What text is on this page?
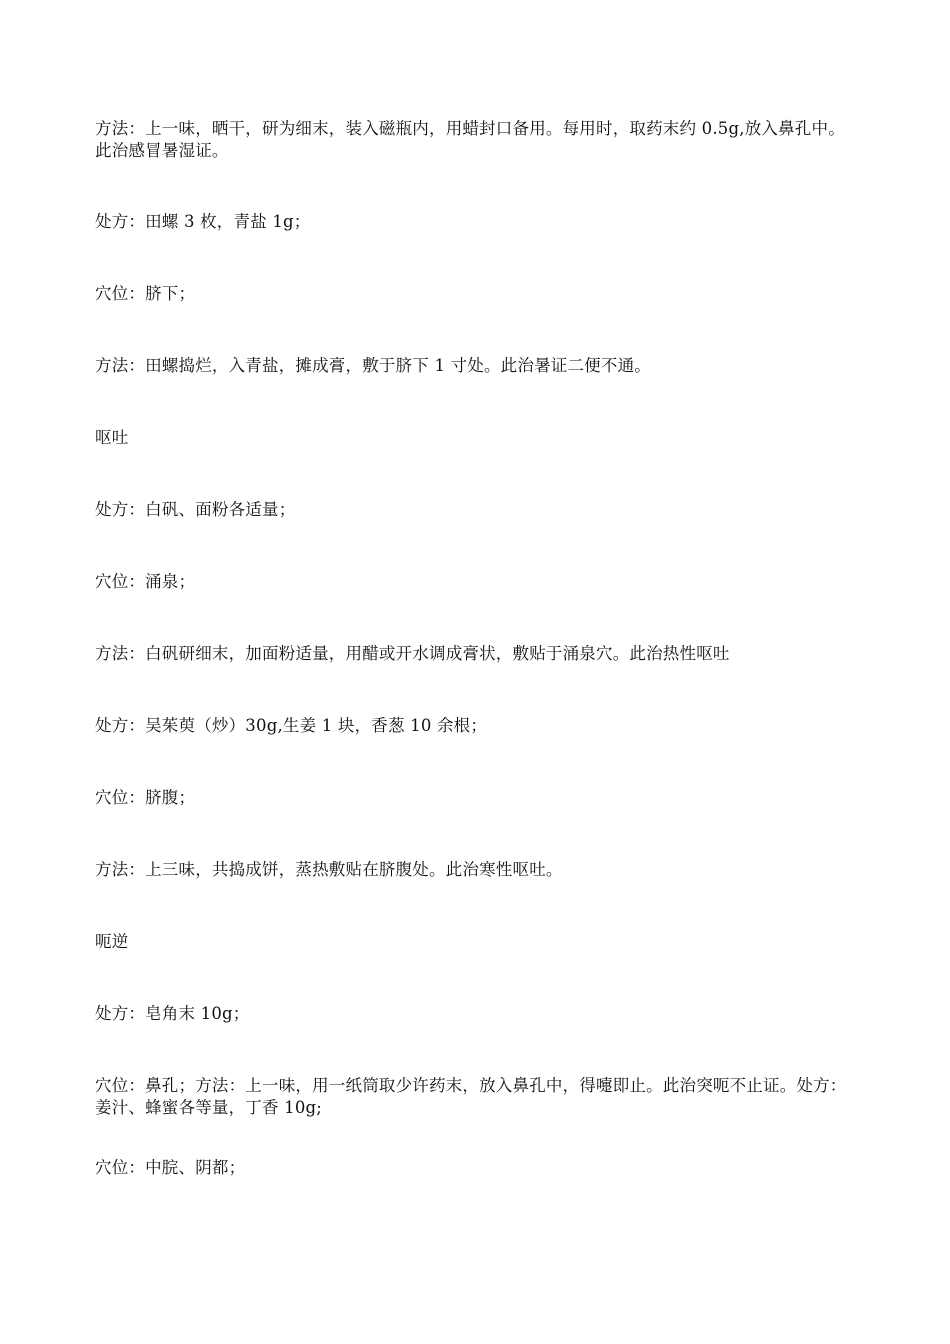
方法：上一味，晒干，研为细末，装入磁瓶内，用蜡封口备用。每用时，取药末约 0.5g,放入鼻孔中。此治感冒暑湿证。

处方：田螺 3 枚，青盐 1g；

穴位：脐下；

方法：田螺捣烂，入青盐，摊成膏，敷于脐下 1 寸处。此治暑证二便不通。

呕吐

处方：白矾、面粉各适量；

穴位：涌泉；

方法：白矾研细末，加面粉适量，用醋或开水调成膏状，敷贴于涌泉穴。此治热性呕吐

处方：吴茱萸（炒）30g,生姜 1 块，香葱 10 余根；

穴位：脐腹；

方法：上三味，共捣成饼，蒸热敷贴在脐腹处。此治寒性呕吐。

呃逆

处方：皂角末 10g；

穴位：鼻孔；方法：上一味，用一纸筒取少许药末，放入鼻孔中，得嚏即止。此治突呃不止证。处方：姜汁、蜂蜜各等量，丁香 10g;

穴位：中脘、阴都；
